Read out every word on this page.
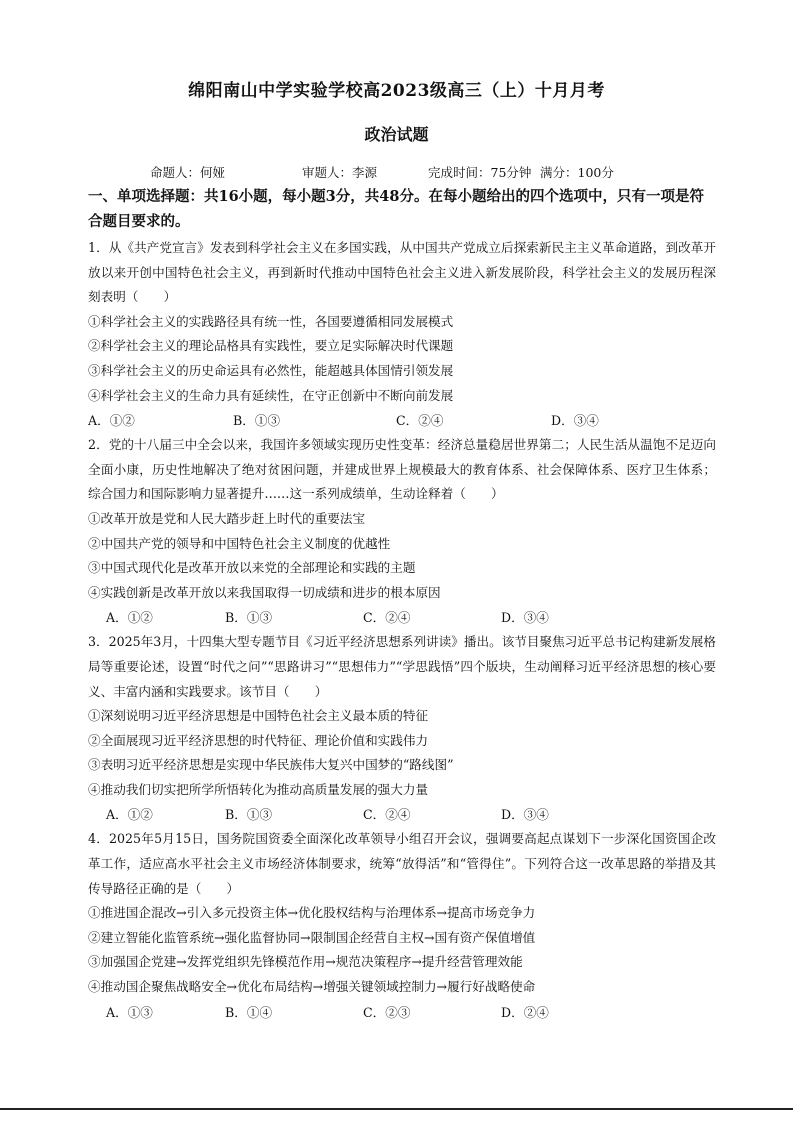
绵阳南山中学实验学校高2023级高三（上）十月月考
政治试题
命题人：何娅	审题人：李源	完成时间：75分钟 满分：100分

一、单项选择题：共16小题，每小题3分，共48分。在每小题给出的四个选项中，只有一项是符合题目要求的。

1．从《共产党宣言》发表到科学社会主义在多国实践，从中国共产党成立后探索新民主主义革命道路，到改革开放以来开创中国特色社会主义，再到新时代推动中国特色社会主义进入新发展阶段，科学社会主义的发展历程深刻表明（　　）

①科学社会主义的实践路径具有统一性，各国要遵循相同发展模式

②科学社会主义的理论品格具有实践性，要立足实际解决时代课题

③科学社会主义的历史命运具有必然性，能超越具体国情引领发展

④科学社会主义的生命力具有延续性，在守正创新中不断向前发展

A．①②	B．①③	C．②④	D．③④

2．党的十八届三中全会以来，我国许多领域实现历史性变革：经济总量稳居世界第二；人民生活从温饱不足迈向全面小康，历史性地解决了绝对贫困问题，并建成世界上规模最大的教育体系、社会保障体系、医疗卫生体系；综合国力和国际影响力显著提升……这一系列成绩单，生动诠释着（　　）

①改革开放是党和人民大踏步赶上时代的重要法宝

②中国共产党的领导和中国特色社会主义制度的优越性

③中国式现代化是改革开放以来党的全部理论和实践的主题

④实践创新是改革开放以来我国取得一切成绩和进步的根本原因

A．①②	B．①③	C．②④	D．③④

3．2025年3月，十四集大型专题节目《习近平经济思想系列讲读》播出。该节目聚焦习近平总书记构建新发展格局等重要论述，设置“时代之问”“思路讲习”“思想伟力”“学思践悟”四个版块，生动阐释习近平经济思想的核心要义、丰富内涵和实践要求。该节目（　　）

①深刻说明习近平经济思想是中国特色社会主义最本质的特征

②全面展现习近平经济思想的时代特征、理论价值和实践伟力

③表明习近平经济思想是实现中华民族伟大复兴中国梦的“路线图”

④推动我们切实把所学所悟转化为推动高质量发展的强大力量

A．①②	B．①③	C．②④	D．③④

4．2025年5月15日，国务院国资委全面深化改革领导小组召开会议，强调要高起点谋划下一步深化国资国企改革工作，适应高水平社会主义市场经济体制要求，统筹“放得活”和“管得住”。下列符合这一改革思路的举措及其传导路径正确的是（　　）

①推进国企混改→引入多元投资主体→优化股权结构与治理体系→提高市场竞争力

②建立智能化监管系统→强化监督协同→限制国企经营自主权→国有资产保值增值

③加强国企党建→发挥党组织先锋模范作用→规范决策程序→提升经营管理效能

④推动国企聚焦战略安全→优化布局结构→增强关键领域控制力→履行好战略使命

A．①③	B．①④	C．②③	D．②④
